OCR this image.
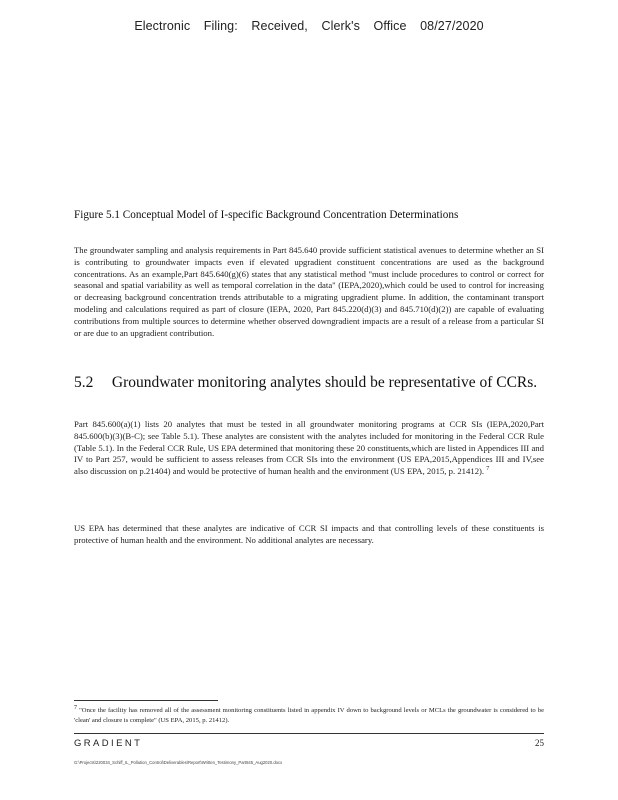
Electronic Filing: Received, Clerk's Office 08/27/2020
Figure 5.1 Conceptual Model of I-specific Background Concentration Determinations

The groundwater sampling and analysis requirements in Part 845.640 provide sufficient statistical avenues to determine whether an SI is contributing to groundwater impacts even if elevated upgradient constituent concentrations are used as the background concentrations. As an example,Part 845.640(g)(6) states that any statistical method "must include procedures to control or correct for seasonal and spatial variability as well as temporal correlation in the data" (IEPA,2020),which could be used to control for increasing or decreasing background concentration trends attributable to a migrating upgradient plume. In addition, the contaminant transport modeling and calculations required as part of closure (IEPA, 2020, Part 845.220(d)(3) and 845.710(d)(2)) are capable of evaluating contributions from multiple sources to determine whether observed downgradient impacts are a result of a release from a particular SI or are due to an upgradient contribution.

5.2 Groundwater monitoring analytes should be representative of CCRs.

Part 845.600(a)(1) lists 20 analytes that must be tested in all groundwater monitoring programs at CCR SIs (IEPA,2020,Part 845.600(b)(3)(B-C); see Table 5.1). These analytes are consistent with the analytes included for monitoring in the Federal CCR Rule (Table 5.1). In the Federal CCR Rule, US EPA determined that monitoring these 20 constituents,which are listed in Appendices III and IV to Part 257, would be sufficient to assess releases from CCR SIs into the environment (US EPA,2015,Appendices III and IV,see also discussion on p.21404) and would be protective of human health and the environment (US EPA, 2015, p. 21412). $^7$

US EPA has determined that these analytes are indicative of CCR SI impacts and that controlling levels of these constituents is protective of human health and the environment. No additional analytes are necessary.

$^7$ "Once the facility has removed all of the assessment monitoring constituents listed in appendix IV down to background levels or MCLs the groundwater is considered to be 'clean' and closure is complete" (US EPA, 2015, p. 21412).
GRADIENT	25
G:\Projects\220034_Schiff_IL_Pollution_Control\Deliverables\Report\Written_Testimony_Part845_Aug2020.docx
